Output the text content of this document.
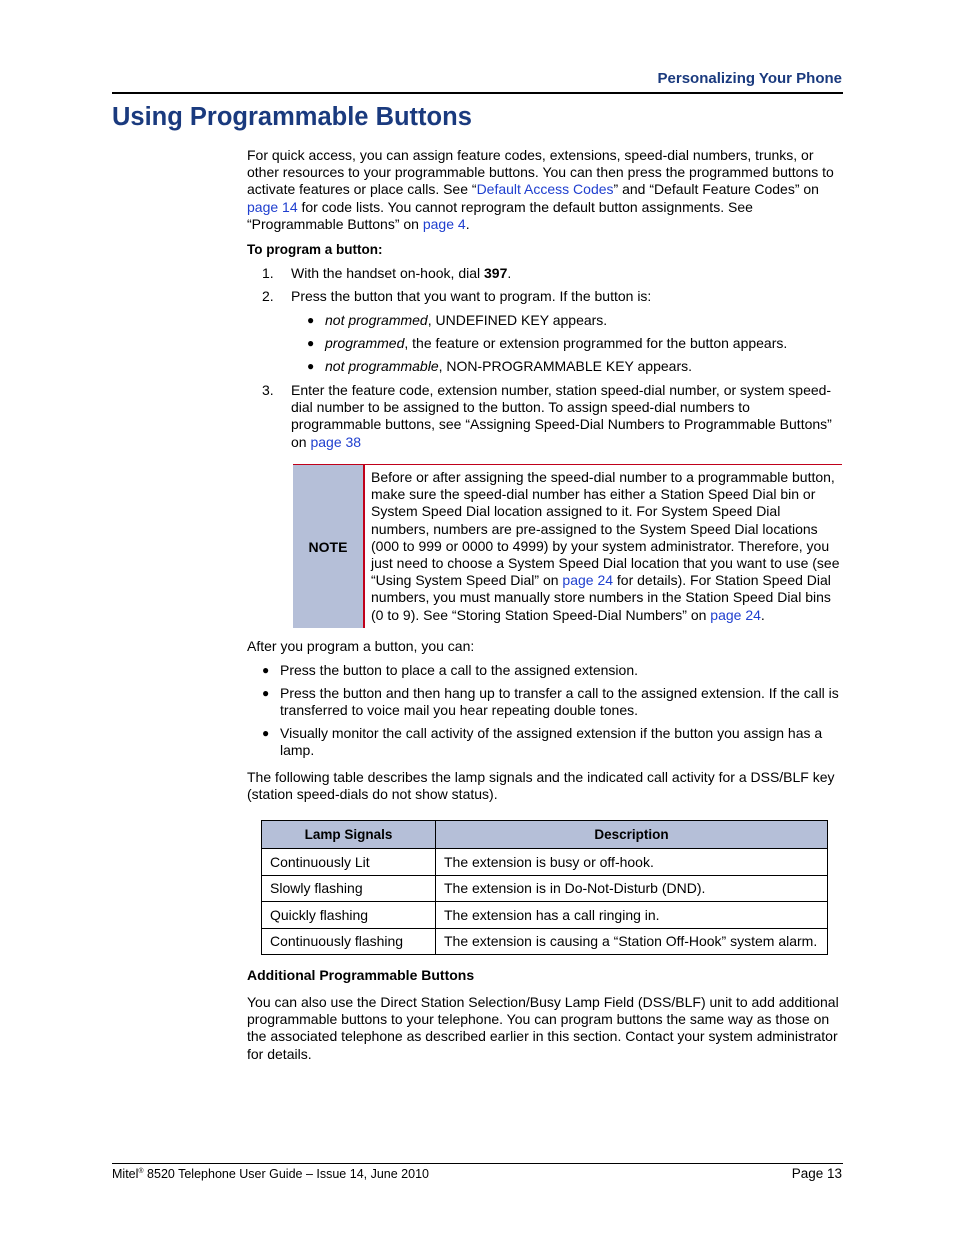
Personalizing Your Phone
Using Programmable Buttons
For quick access, you can assign feature codes, extensions, speed-dial numbers, trunks, or other resources to your programmable buttons. You can then press the programmed buttons to activate features or place calls. See “Default Access Codes” and “Default Feature Codes” on page 14 for code lists. You cannot reprogram the default button assignments. See “Programmable Buttons” on page 4.
To program a button:
1. With the handset on-hook, dial 397.
2. Press the button that you want to program. If the button is:
● not programmed, UNDEFINED KEY appears.
● programmed, the feature or extension programmed for the button appears.
● not programmable, NON-PROGRAMMABLE KEY appears.
3. Enter the feature code, extension number, station speed-dial number, or system speed-dial number to be assigned to the button. To assign speed-dial numbers to programmable buttons, see “Assigning Speed-Dial Numbers to Programmable Buttons” on page 38
NOTE
Before or after assigning the speed-dial number to a programmable button, make sure the speed-dial number has either a Station Speed Dial bin or System Speed Dial location assigned to it. For System Speed Dial numbers, numbers are pre-assigned to the System Speed Dial locations (000 to 999 or 0000 to 4999) by your system administrator. Therefore, you just need to choose a System Speed Dial location that you want to use (see “Using System Speed Dial” on page 24 for details). For Station Speed Dial numbers, you must manually store numbers in the Station Speed Dial bins (0 to 9). See “Storing Station Speed-Dial Numbers” on page 24.
After you program a button, you can:
● Press the button to place a call to the assigned extension.
● Press the button and then hang up to transfer a call to the assigned extension. If the call is transferred to voice mail you hear repeating double tones.
● Visually monitor the call activity of the assigned extension if the button you assign has a lamp.
The following table describes the lamp signals and the indicated call activity for a DSS/BLF key (station speed-dials do not show status).
Lamp Signals	Description
Continuously Lit	The extension is busy or off-hook.
Slowly flashing	The extension is in Do-Not-Disturb (DND).
Quickly flashing	The extension has a call ringing in.
Continuously flashing	The extension is causing a “Station Off-Hook” system alarm.
Additional Programmable Buttons
You can also use the Direct Station Selection/Busy Lamp Field (DSS/BLF) unit to add additional programmable buttons to your telephone. You can program buttons the same way as those on the associated telephone as described earlier in this section. Contact your system administrator for details.
Mitel® 8520 Telephone User Guide – Issue 14, June 2010	Page 13
